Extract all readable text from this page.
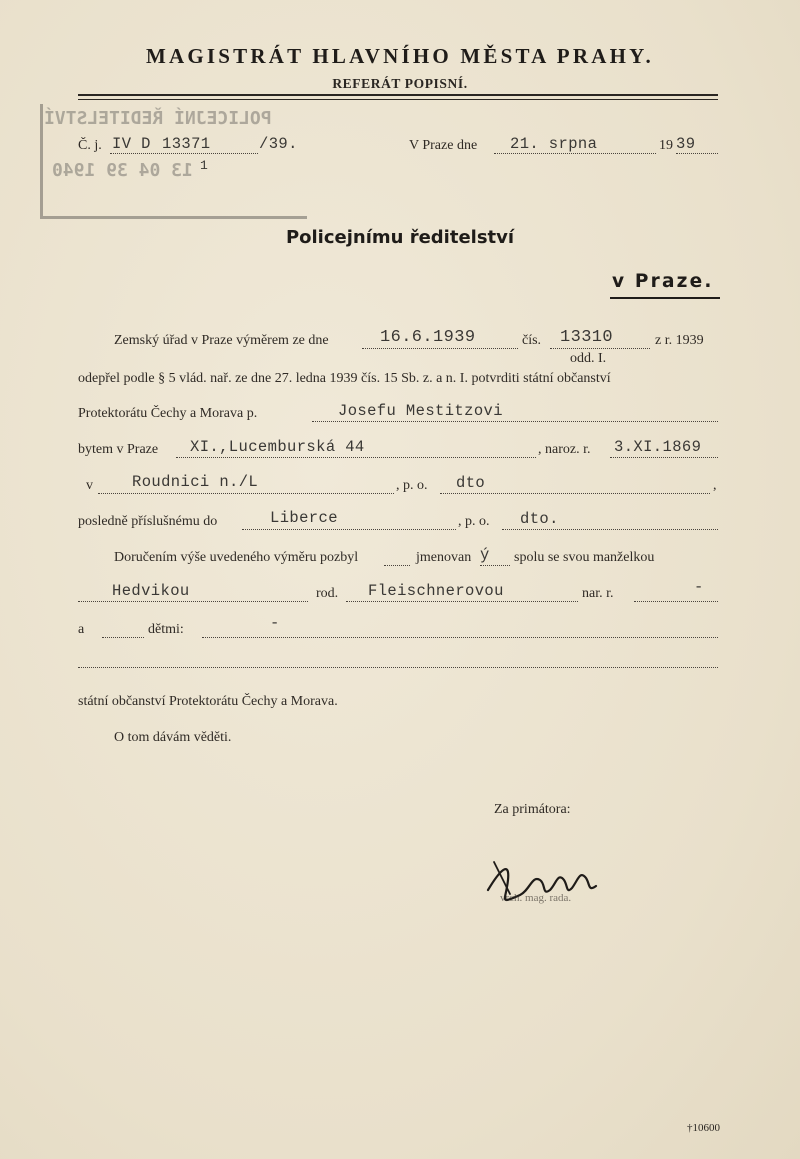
MAGISTRÁT HLAVNÍHO MĚSTA PRAHY.
REFERÁT POPISNÍ.
POLICEJNÍ ŘEDITELSTVÍ
13 04 39 1940
Č. j. IV D 13371	/39.
1
V Praze dne 21. srpna	19 39
Policejnímu ředitelství
v Praze.
Zemský úřad v Praze výměrem ze dne	16.6.1939	čís. 13310	z r. 1939
odd. I.
odepřel podle § 5 vlád. nař. ze dne 27. ledna 1939 čís. 15 Sb. z. a n. I. potvrditi státní občanství
Protektorátu Čechy a Morava p.	Josefu Mestitzovi
bytem v Praze XI.,Lucemburská 44	, naroz. r. 3.XI.1869
v	Roudnici n./L	, p. o. dto	,
posledně příslušnému do	Liberce	, p. o. dto.
Doručením výše uvedeného výměru pozbyl	jmenovan ý spolu se svou manželkou
Hedvikou	rod. Fleischnerovou	nar. r.	-
a	dětmi:	-
státní občanství Protektorátu Čechy a Morava.
O tom dávám věděti.
Za primátora:
vrch. mag. rada.
†10600
